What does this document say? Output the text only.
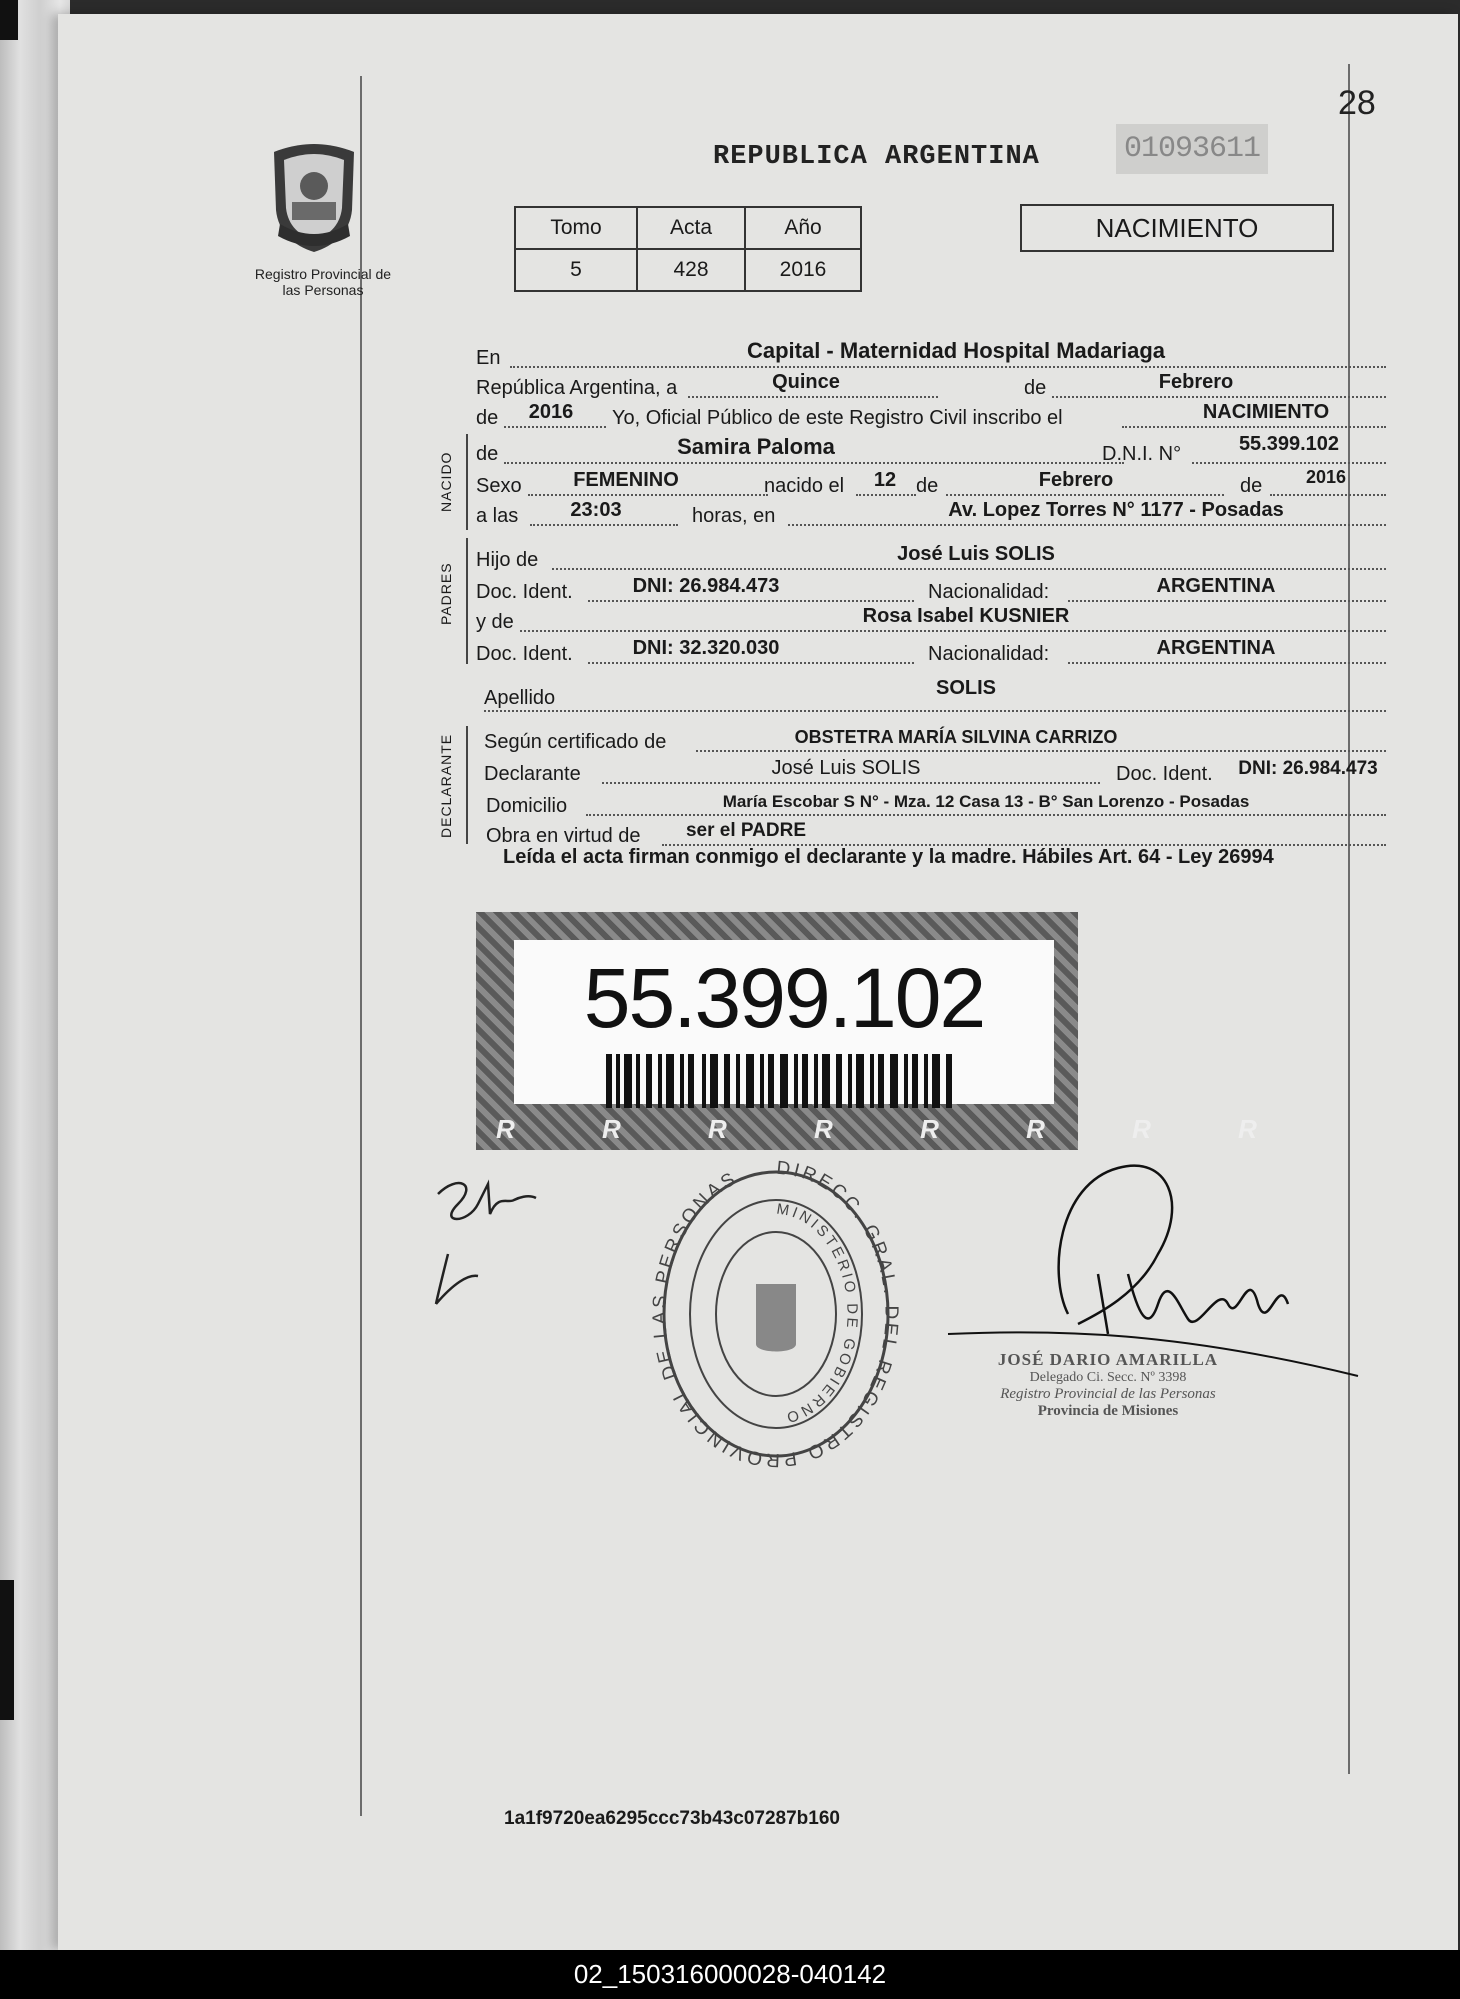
28
Registro Provincial de las Personas
REPUBLICA ARGENTINA	01093611
Tomo	Acta	Año
5	428	2016
NACIMIENTO
En	Capital - Maternidad Hospital Madariaga
República Argentina, a	Quince	de	Febrero
de	2016	Yo, Oficial Público de este Registro Civil inscribo el	NACIMIENTO
NACIDO	de	Samira Paloma	D.N.I. N°	55.399.102
Sexo	FEMENINO	nacido el	12 de	Febrero	de	2016
a las	23:03	horas, en	Av. Lopez Torres N° 1177 - Posadas
PADRES
Hijo de	José Luis SOLIS
Doc. Ident.	DNI: 26.984.473	Nacionalidad:	ARGENTINA
y de	Rosa Isabel KUSNIER
Doc. Ident.	DNI: 32.320.030	Nacionalidad:	ARGENTINA
Apellido	SOLIS
DECLARANTE	Según certificado de	OBSTETRA MARÍA SILVINA CARRIZO
Declarante	José Luis SOLIS	Doc. Ident.	DNI: 26.984.473
Domicilio	María Escobar S N° - Mza. 12 Casa 13 - B° San Lorenzo - Posadas
Obra en virtud de	ser el PADRE
Leída el acta firman conmigo el declarante y la madre. Hábiles Art. 64 - Ley 26994
R R R R R R R R
55.399.102
DIRECC. GRAL. DEL REGISTRO PROVINCIAL DE LAS PERSONAS
MINISTERIO DE GOBIERNO
JOSÉ DARIO AMARILLA
Delegado Ci. Secc. Nº 3398
Registro Provincial de las Personas
Provincia de Misiones
1a1f9720ea6295ccc73b43c07287b160
02_150316000028-040142
